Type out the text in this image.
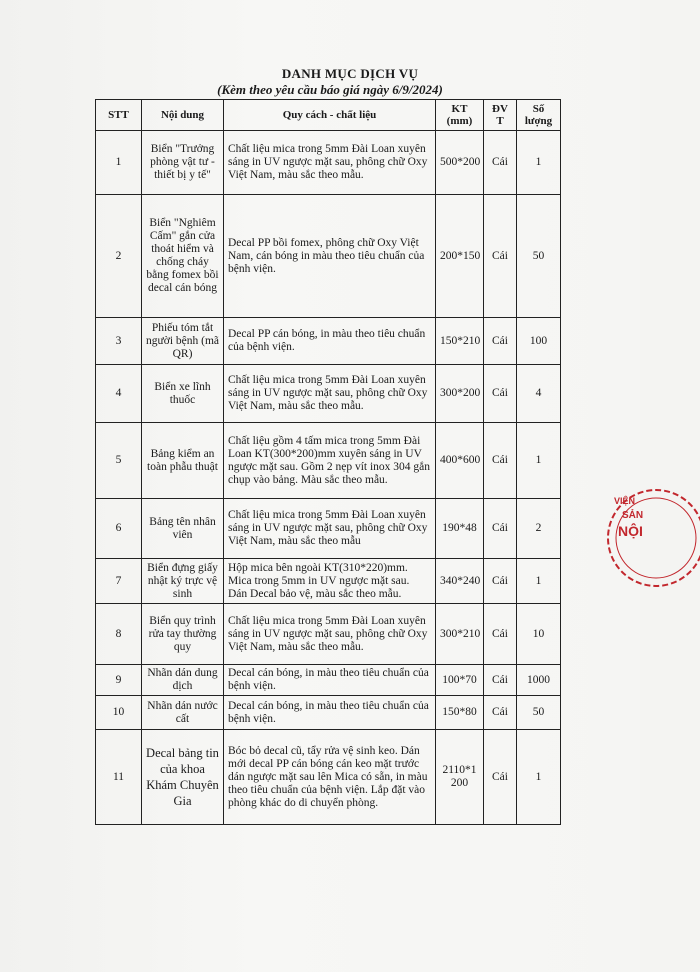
DANH MỤC DỊCH VỤ
(Kèm theo yêu cầu báo giá ngày 6/9/2024)
STT	Nội dung	Quy cách - chất liệu	KT (mm)	ĐV T	Số lượng
1	Biển "Trưởng phòng vật tư - thiết bị y tế"	Chất liệu mica trong 5mm Đài Loan xuyên sáng in UV ngược mặt sau, phông chữ Oxy Việt Nam, màu sắc theo mẫu.	500*200	Cái	1
2	Biển "Nghiêm Cấm" gắn cửa thoát hiểm và chống cháy bằng fomex bồi decal cán bóng	Decal PP bồi fomex, phông chữ Oxy Việt Nam, cán bóng in màu theo tiêu chuẩn của bệnh viện.	200*150	Cái	50
3	Phiếu tóm tắt người bệnh (mã QR)	Decal PP cán bóng, in màu theo tiêu chuẩn của bệnh viện.	150*210	Cái	100
4	Biển xe lĩnh thuốc	Chất liệu mica trong 5mm Đài Loan xuyên sáng in UV ngược mặt sau, phông chữ Oxy Việt Nam, màu sắc theo mẫu.	300*200	Cái	4
5	Bảng kiểm an toàn phẫu thuật	Chất liệu gồm 4 tấm mica trong 5mm Đài Loan KT(300*200)mm xuyên sáng in UV ngược mặt sau. Gồm 2 nẹp vít inox 304 gắn chụp vào bảng. Màu sắc theo mẫu.	400*600	Cái	1
6	Bảng tên nhân viên	Chất liệu mica trong 5mm Đài Loan xuyên sáng in UV ngược mặt sau, phông chữ Oxy Việt Nam, màu sắc theo mẫu	190*48	Cái	2
7	Biển đựng giấy nhật ký trực vệ sinh	Hộp mica bên ngoài KT(310*220)mm. Mica trong 5mm in UV ngược mặt sau. Dán Decal bảo vệ, màu sắc theo mẫu.	340*240	Cái	1
8	Biển quy trình rửa tay thường quy	Chất liệu mica trong 5mm Đài Loan xuyên sáng in UV ngược mặt sau, phông chữ Oxy Việt Nam, màu sắc theo mẫu.	300*210	Cái	10
9	Nhãn dán dung dịch	Decal cán bóng, in màu theo tiêu chuẩn của bệnh viện.	100*70	Cái	1000
10	Nhãn dán nước cất	Decal cán bóng, in màu theo tiêu chuẩn của bệnh viện.	150*80	Cái	50
11	Decal bảng tin của khoa Khám Chuyên Gia	Bóc bỏ decal cũ, tẩy rửa vệ sinh keo. Dán mới decal PP cán bóng cán keo mặt trước dán ngược mặt sau lên Mica có sẵn, in màu theo tiêu chuẩn của bệnh viện. Lắp đặt vào phòng khác do di chuyển phòng.	2110*1200	Cái	1
VIỆN
SẢN
NỘI
